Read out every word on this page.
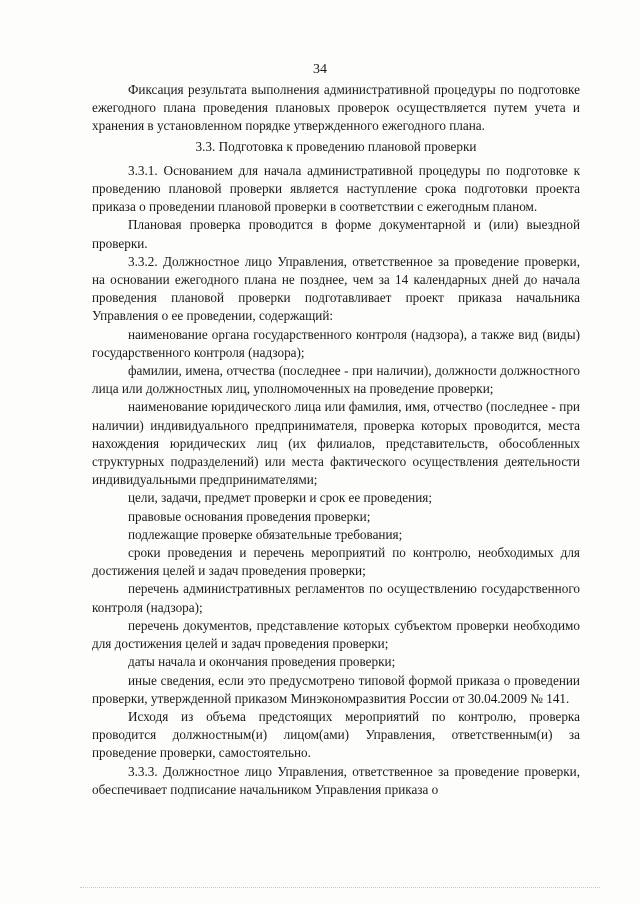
34

Фиксация результата выполнения административной процедуры по подготовке ежегодного плана проведения плановых проверок осуществляется путем учета и хранения в установленном порядке утвержденного ежегодного плана.

3.3. Подготовка к проведению плановой проверки

3.3.1. Основанием для начала административной процедуры по подготовке к проведению плановой проверки является наступление срока подготовки проекта приказа о проведении плановой проверки в соответствии с ежегодным планом.

Плановая проверка проводится в форме документарной и (или) выездной проверки.

3.3.2. Должностное лицо Управления, ответственное за проведение проверки, на основании ежегодного плана не позднее, чем за 14 календарных дней до начала проведения плановой проверки подготавливает проект приказа начальника Управления о ее проведении, содержащий:

наименование органа государственного контроля (надзора), а также вид (виды) государственного контроля (надзора);

фамилии, имена, отчества (последнее - при наличии), должности должностного лица или должностных лиц, уполномоченных на проведение проверки;

наименование юридического лица или фамилия, имя, отчество (последнее - при наличии) индивидуального предпринимателя, проверка которых проводится, места нахождения юридических лиц (их филиалов, представительств, обособленных структурных подразделений) или места фактического осуществления деятельности индивидуальными предпринимателями;

цели, задачи, предмет проверки и срок ее проведения;

правовые основания проведения проверки;

подлежащие проверке обязательные требования;

сроки проведения и перечень мероприятий по контролю, необходимых для достижения целей и задач проведения проверки;

перечень административных регламентов по осуществлению государственного контроля (надзора);

перечень документов, представление которых субъектом проверки необходимо для достижения целей и задач проведения проверки;

даты начала и окончания проведения проверки;

иные сведения, если это предусмотрено типовой формой приказа о проведении проверки, утвержденной приказом Минэкономразвития России от 30.04.2009 № 141.

Исходя из объема предстоящих мероприятий по контролю, проверка проводится должностным(и) лицом(ами) Управления, ответственным(и) за проведение проверки, самостоятельно.

3.3.3. Должностное лицо Управления, ответственное за проведение проверки, обеспечивает подписание начальником Управления приказа о
